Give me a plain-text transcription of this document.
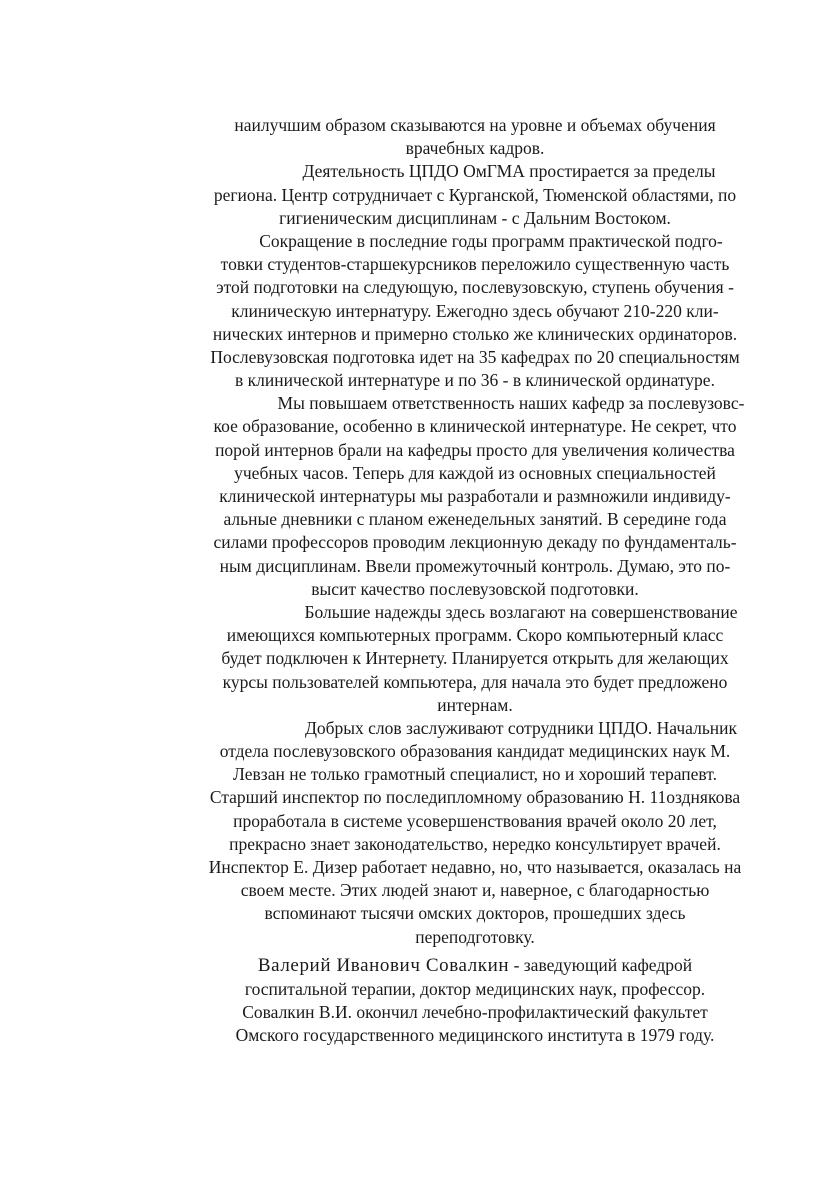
наилучшим образом сказываются на уровне и объемах обучения
врачебных кадров.
Деятельность ЦПДО ОмГМА простирается за пределы
региона. Центр сотрудничает с Курганской, Тюменской областями, по
гигиеническим дисциплинам - с Дальним Востоком.
Сокращение в последние годы программ практической подго-
товки студентов-старшекурсников переложило существенную часть
этой подготовки на следующую, послевузовскую, ступень обучения -
клиническую интернатуру. Ежегодно здесь обучают 210-220 кли-
нических интернов и примерно столько же клинических ординаторов.
Послевузовская подготовка идет на 35 кафедрах по 20 специальностям
в клинической интернатуре и по 36 - в клинической ординатуре.
Мы повышаем ответственность наших кафедр за послевузовс-
кое образование, особенно в клинической интернатуре. Не секрет, что
порой интернов брали на кафедры просто для увеличения количества
учебных часов. Теперь для каждой из основных специальностей
клинической интернатуры мы разработали и размножили индивиду-
альные дневники с планом еженедельных занятий. В середине года
силами профессоров проводим лекционную декаду по фундаменталь-
ным дисциплинам. Ввели промежуточный контроль. Думаю, это по-
высит качество послевузовской подготовки.
Большие надежды здесь возлагают на совершенствование
имеющихся компьютерных программ. Скоро компьютерный класс
будет подключен к Интернету. Планируется открыть для желающих
курсы пользователей компьютера, для начала это будет предложено
интернам.
Добрых слов заслуживают сотрудники ЦПДО. Начальник
отдела послевузовского образования кандидат медицинских наук М.
Левзан не только грамотный специалист, но и хороший терапевт.
Старший инспектор по последипломному образованию Н. 11озднякова
проработала в системе усовершенствования врачей около 20 лет,
прекрасно знает законодательство, нередко консультирует врачей.
Инспектор Е. Дизер работает недавно, но, что называется, оказалась на
своем месте. Этих людей знают и, наверное, с благодарностью
вспоминают тысячи омских докторов, прошедших здесь
переподготовку.
Валерий Иванович Совалкин - заведующий кафедрой
госпитальной терапии, доктор медицинских наук, профессор.
Совалкин В.И. окончил лечебно-профилактический факультет
Омского государственного медицинского института в 1979 году.
